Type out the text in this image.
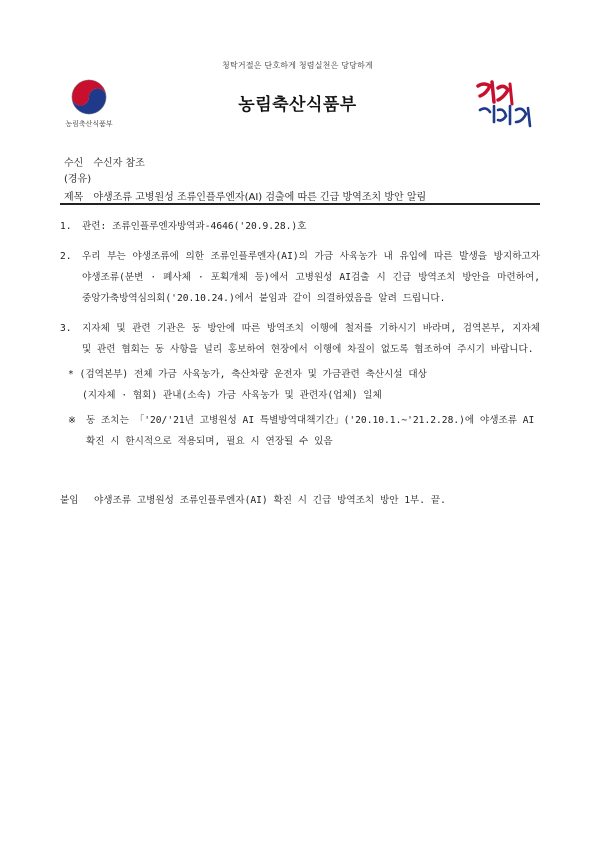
청탁거절은 단호하게 청렴실천은 당당하게
농림축산식품부
농림축산식품부
수신 수신자 참조
(경유)
제목 야생조류 고병원성 조류인플루엔자(AI) 검출에 따른 긴급 방역조치 방안 알림
1.	관련: 조류인플루엔자방역과-4646('20.9.28.)호
2.	우리 부는 야생조류에 의한 조류인플루엔자(AI)의 가금 사육농가 내 유입에 따른 발생을 방지하고자 야생조류(분변 · 폐사체 · 포획개체 등)에서 고병원성 AI검출 시 긴급 방역조치 방안을 마련하여, 중앙가축방역심의회('20.10.24.)에서 붙임과 같이 의결하였음을 알려 드립니다.
3.	지자체 및 관련 기관은 동 방안에 따른 방역조치 이행에 철저를 기하시기 바라며, 검역본부, 지자체 및 관련 협회는 동 사항을 널리 홍보하여 현장에서 이행에 차질이 없도록 협조하여 주시기 바랍니다.
* (검역본부) 전체 가금 사육농가, 축산차량 운전자 및 가금관련 축산시설 대상
(지자체 · 협회) 관내(소속) 가금 사육농가 및 관련자(업체) 일체
※	동 조치는 「'20/'21년 고병원성 AI 특별방역대책기간」('20.10.1.~'21.2.28.)에 야생조류 AI 확진 시 한시적으로 적용되며, 필요 시 연장될 수 있음
붙임 야생조류 고병원성 조류인플루엔자(AI) 확진 시 긴급 방역조치 방안 1부. 끝.
